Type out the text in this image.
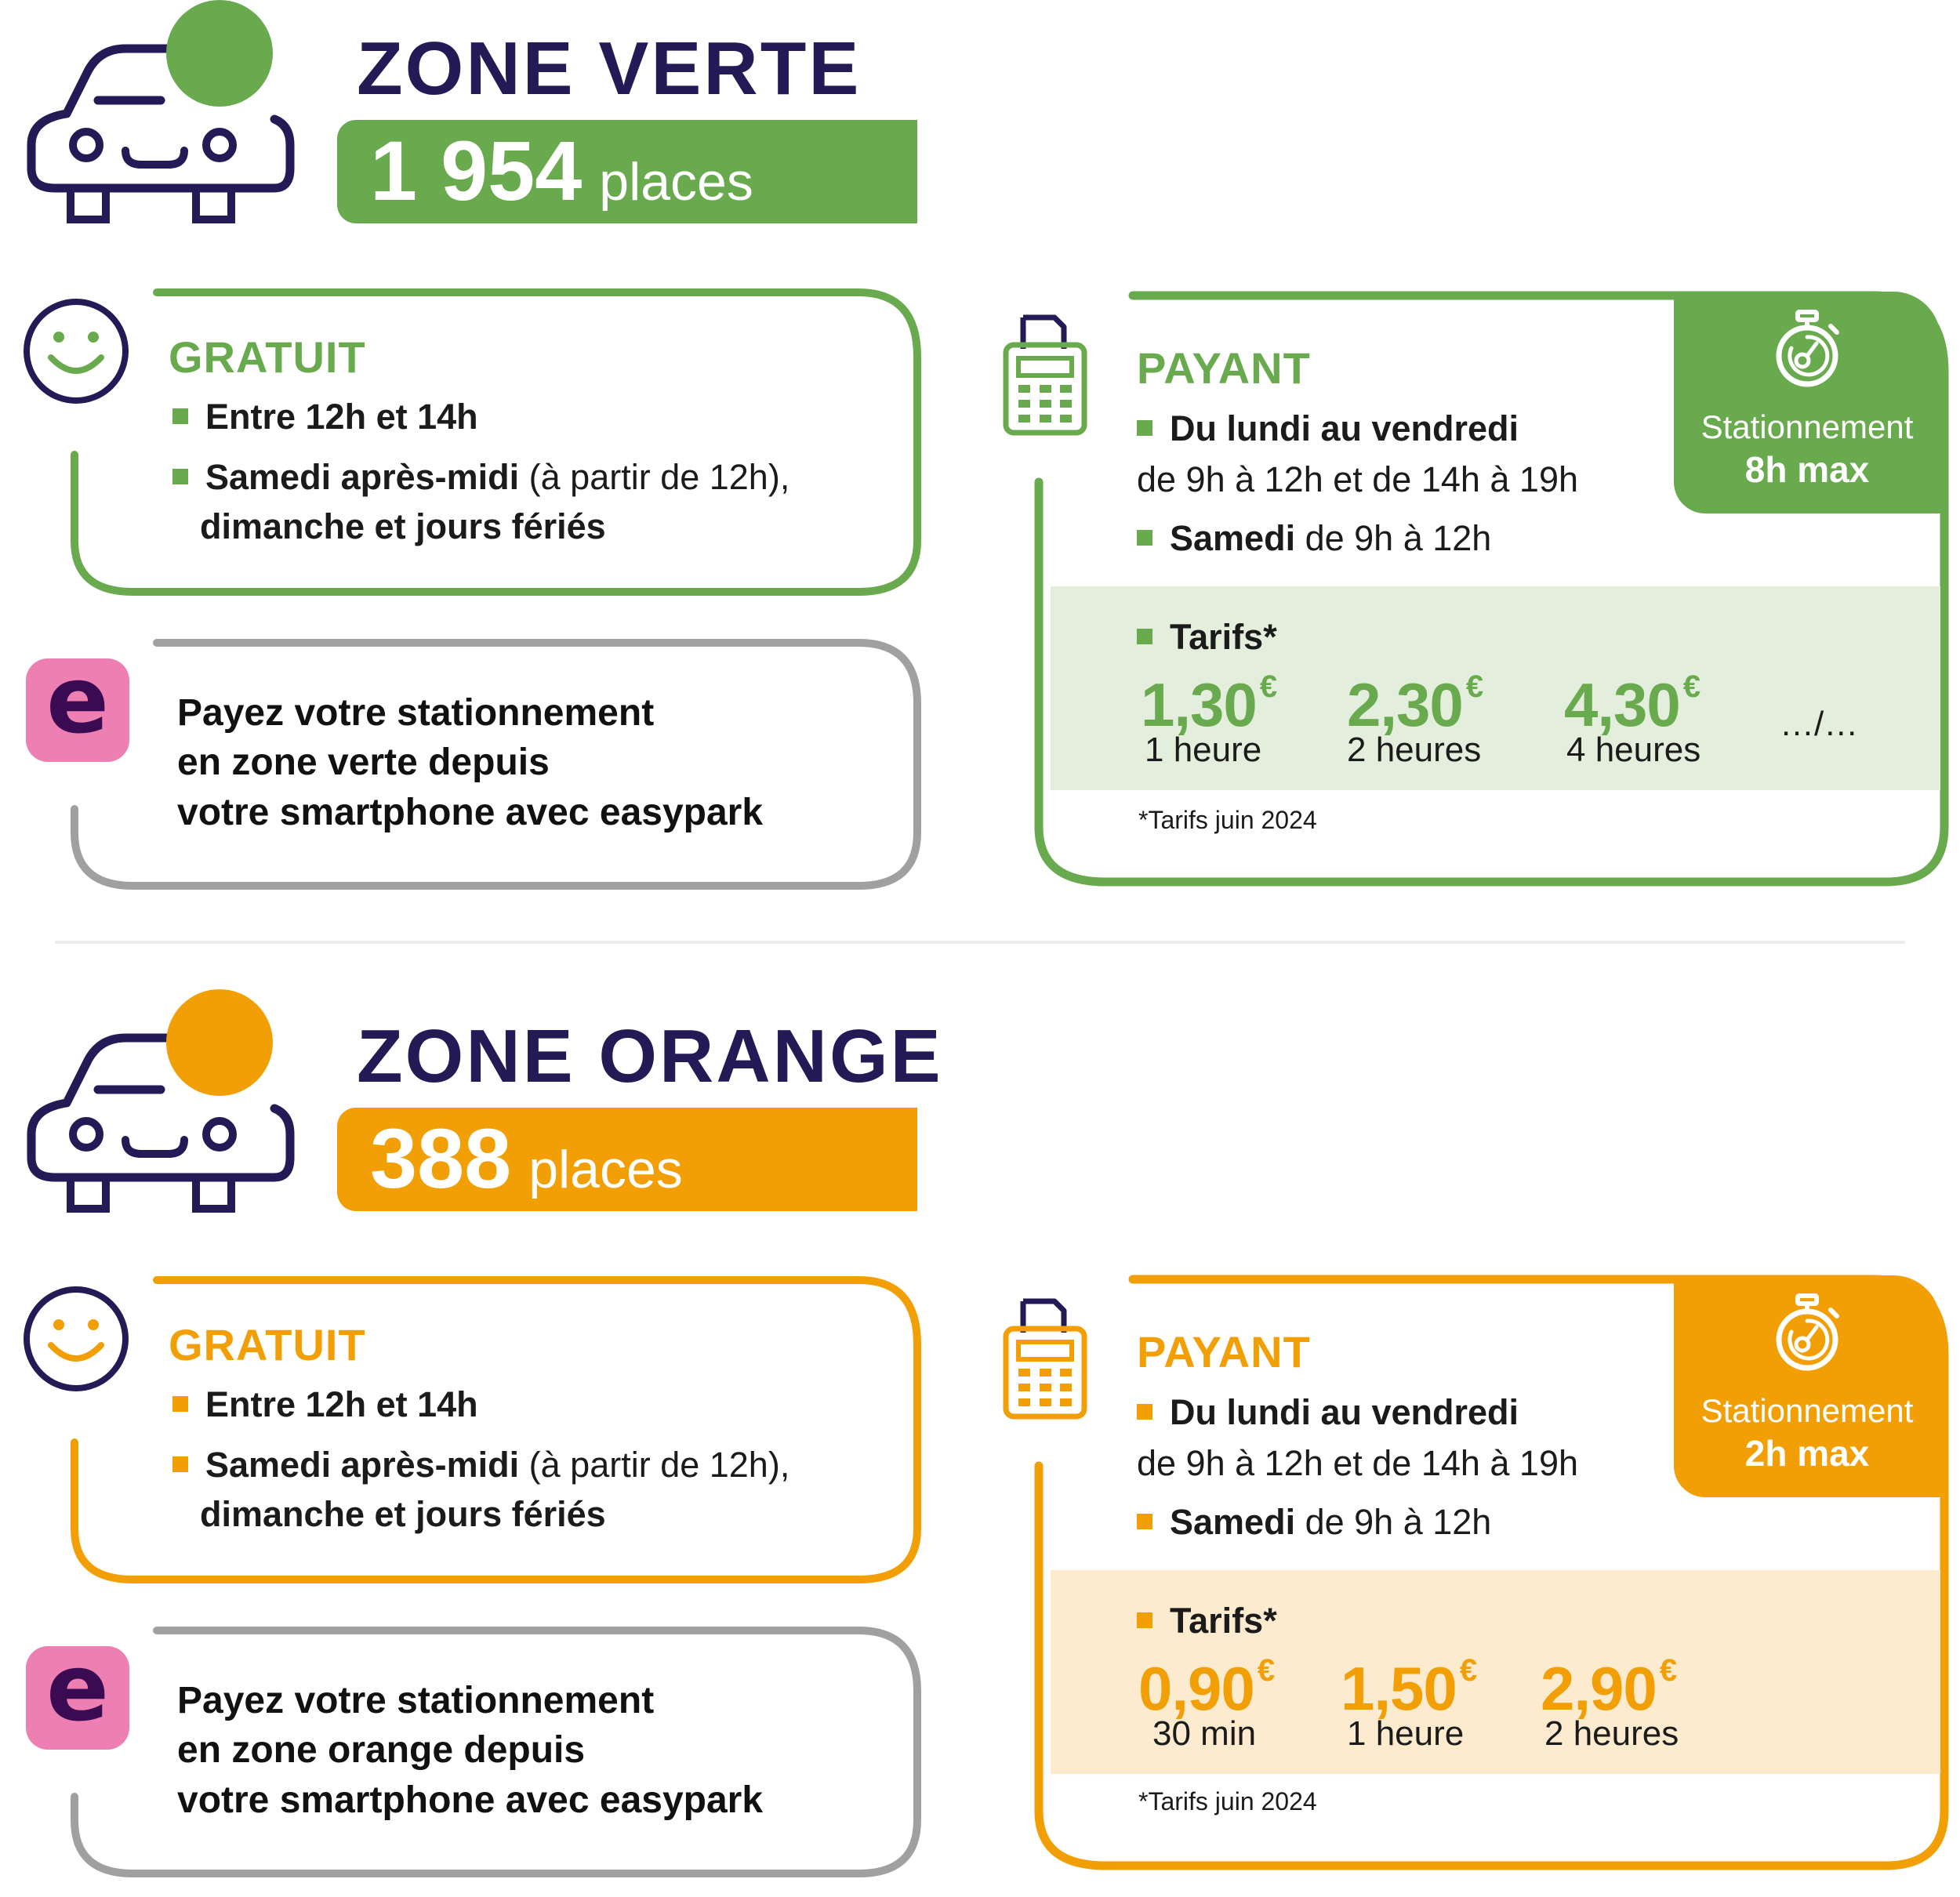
ZONE VERTE
1 954 places
GRATUIT
Entre 12h et 14h
Samedi après-midi (à partir de 12h),
dimanche et jours fériés
e	Payez votre stationnement
en zone verte depuis
votre smartphone avec easypark
Stationnement
8h max
PAYANT
Du lundi au vendredi
de 9h à 12h et de 14h à 19h
Samedi de 9h à 12h
Tarifs*
1,30 €
1 heure
2,30 €
2 heures
4,30 €
4 heures
…/…
*Tarifs juin 2024
ZONE ORANGE
388 places
GRATUIT
Entre 12h et 14h
Samedi après-midi (à partir de 12h),
dimanche et jours fériés
e	Payez votre stationnement
en zone orange depuis
votre smartphone avec easypark
Stationnement
2h max
PAYANT
Du lundi au vendredi
de 9h à 12h et de 14h à 19h
Samedi de 9h à 12h
Tarifs*
0,90 €
30 min
1,50 €
1 heure
2,90 €
2 heures
*Tarifs juin 2024
